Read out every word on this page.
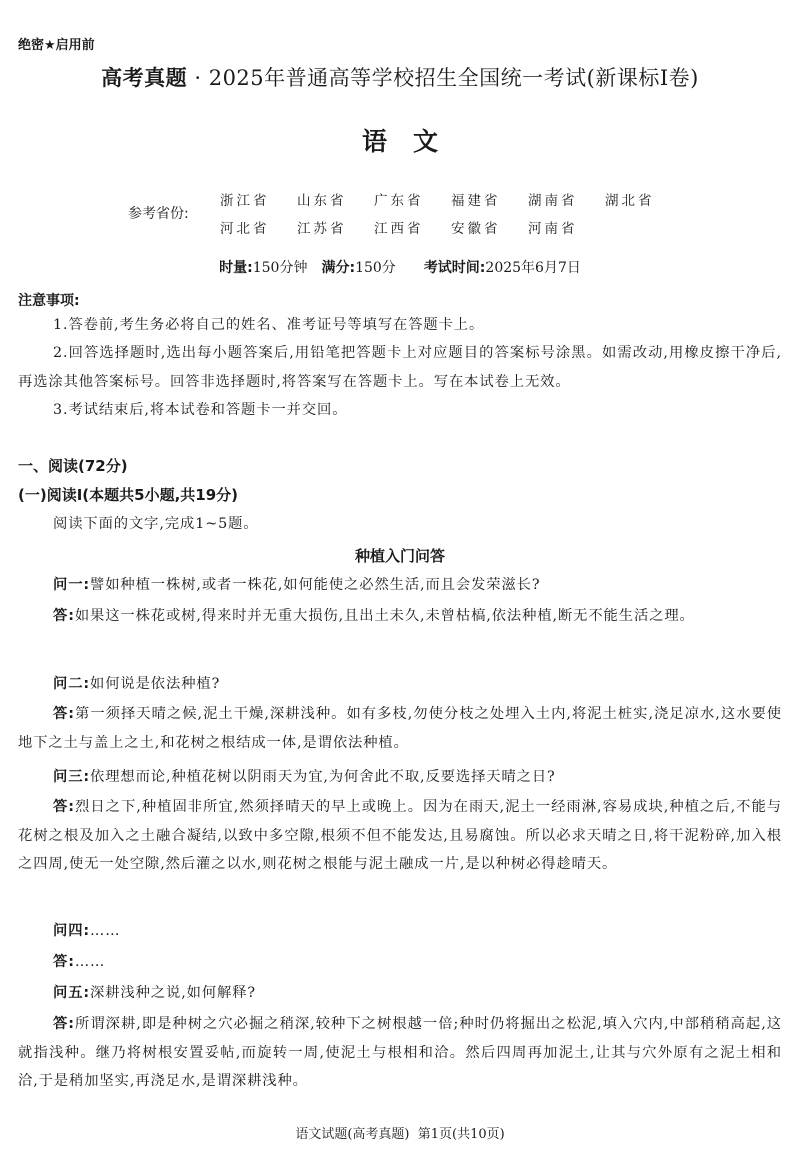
绝密★启用前
高考真题 · 2025年普通高等学校招生全国统一考试(新课标Ⅰ卷)
语文
参考省份:
浙江省 山东省 广东省 福建省 湖南省 湖北省
河北省 江苏省 江西省 安徽省 河南省
时量:150分钟 满分:150分 考试时间:2025年6月7日
注意事项:
1.答卷前,考生务必将自己的姓名、准考证号等填写在答题卡上。
2.回答选择题时,选出每小题答案后,用铅笔把答题卡上对应题目的答案标号涂黑。如需改动,用橡皮擦干净后,再选涂其他答案标号。回答非选择题时,将答案写在答题卡上。写在本试卷上无效。
3.考试结束后,将本试卷和答题卡一并交回。
一、阅读(72分)
(一)阅读Ⅰ(本题共5小题,共19分)
阅读下面的文字,完成1~5题。
种植入门问答
问一:譬如种植一株树,或者一株花,如何能使之必然生活,而且会发荣滋长?
答:如果这一株花或树,得来时并无重大损伤,且出土未久,未曾枯槁,依法种植,断无不能生活之理。
问二:如何说是依法种植?
答:第一须择天晴之候,泥土干燥,深耕浅种。如有多枝,勿使分枝之处埋入土内,将泥土桩实,浇足凉水,这水要使地下之土与盖上之土,和花树之根结成一体,是谓依法种植。
问三:依理想而论,种植花树以阴雨天为宜,为何舍此不取,反要选择天晴之日?
答:烈日之下,种植固非所宜,然须择晴天的早上或晚上。因为在雨天,泥土一经雨淋,容易成块,种植之后,不能与花树之根及加入之土融合凝结,以致中多空隙,根须不但不能发达,且易腐蚀。所以必求天晴之日,将干泥粉碎,加入根之四周,使无一处空隙,然后灌之以水,则花树之根能与泥土融成一片,是以种树必得趁晴天。
问四:……
答:……
问五:深耕浅种之说,如何解释?
答:所谓深耕,即是种树之穴必掘之稍深,较种下之树根越一倍;种时仍将掘出之松泥,填入穴内,中部稍稍高起,这就指浅种。继乃将树根安置妥帖,而旋转一周,使泥土与根相和洽。然后四周再加泥土,让其与穴外原有之泥土相和洽,于是稍加坚实,再浇足水,是谓深耕浅种。
语文试题(高考真题)  第1页(共10页)
